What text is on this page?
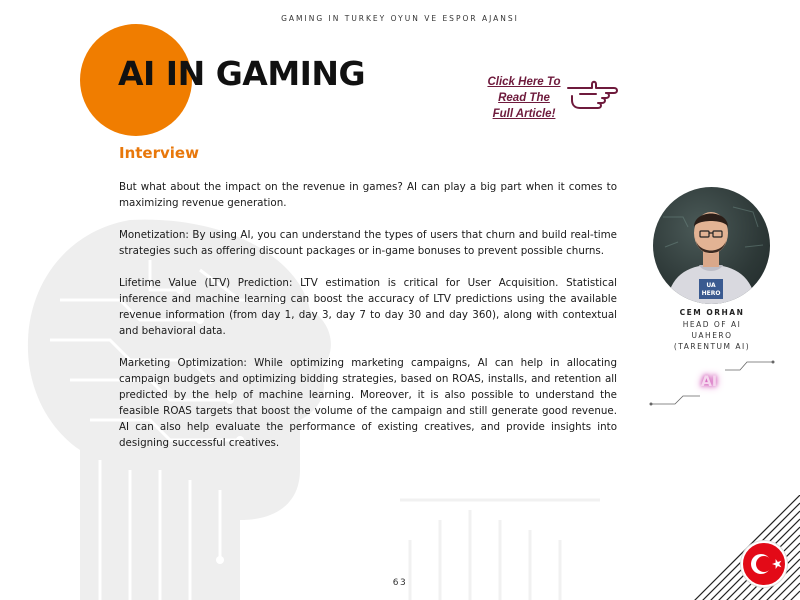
GAMING IN TURKEY OYUN VE ESPOR AJANSI
AI IN GAMING	Click Here To
Read The
Full Article!
Interview

But what about the impact on the revenue in games? AI can play a big part when it comes to maximizing revenue generation.

Monetization: By using AI, you can understand the types of users that churn and build real-time strategies such as offering discount packages or in-game bonuses to prevent possible churns.

Lifetime Value (LTV) Prediction: LTV estimation is critical for User Acquisition. Statistical inference and machine learning can boost the accuracy of LTV predictions using the available revenue information (from day 1, day 3, day 7 to day 30 and day 360), along with contextual and behavioral data.

Marketing Optimization: While optimizing marketing campaigns, AI can help in allocating campaign budgets and optimizing bidding strategies, based on ROAS, installs, and retention all predicted by the help of machine learning. Moreover, it is also possible to understand the feasible ROAS targets that boost the volume of the campaign and still generate good revenue. AI can also help evaluate the performance of existing creatives, and provide insights into designing successful creatives.

UA
HERO
CEM ORHAN
HEAD OF AI
UAHERO
(TARENTUM AI)
AI
63
